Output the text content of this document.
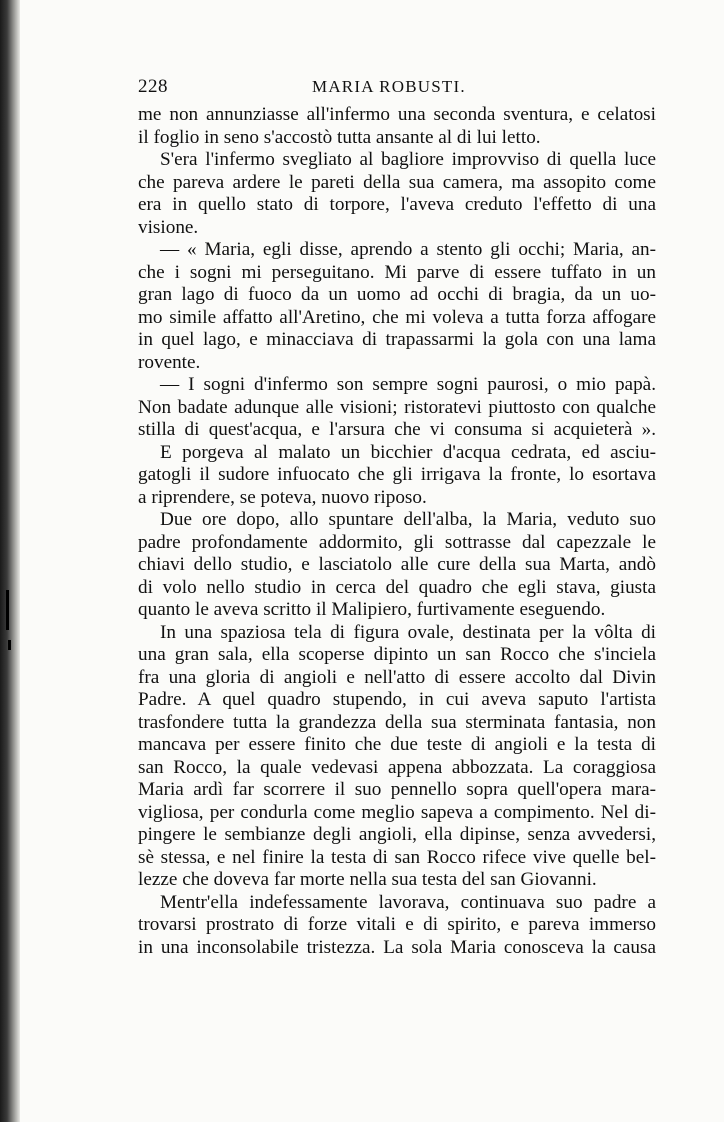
228	MARIA ROBUSTI.
me non annunziasse all'infermo una seconda sventura, e celatosi
il foglio in seno s'accostò tutta ansante al di lui letto.
S'era l'infermo svegliato al bagliore improvviso di quella luce
che pareva ardere le pareti della sua camera, ma assopito come
era in quello stato di torpore, l'aveva creduto l'effetto di una
visione.
— « Maria, egli disse, aprendo a stento gli occhi; Maria, an-
che i sogni mi perseguitano. Mi parve di essere tuffato in un
gran lago di fuoco da un uomo ad occhi di bragia, da un uo-
mo simile affatto all'Aretino, che mi voleva a tutta forza affogare
in quel lago, e minacciava di trapassarmi la gola con una lama
rovente.
— I sogni d'infermo son sempre sogni paurosi, o mio papà.
Non badate adunque alle visioni; ristoratevi piuttosto con qualche
stilla di quest'acqua, e l'arsura che vi consuma si acquieterà ».
E porgeva al malato un bicchier d'acqua cedrata, ed asciu-
gatogli il sudore infuocato che gli irrigava la fronte, lo esortava
a riprendere, se poteva, nuovo riposo.
Due ore dopo, allo spuntare dell'alba, la Maria, veduto suo
padre profondamente addormito, gli sottrasse dal capezzale le
chiavi dello studio, e lasciatolo alle cure della sua Marta, andò
di volo nello studio in cerca del quadro che egli stava, giusta
quanto le aveva scritto il Malipiero, furtivamente eseguendo.
In una spaziosa tela di figura ovale, destinata per la vôlta di
una gran sala, ella scoperse dipinto un san Rocco che s'inciela
fra una gloria di angioli e nell'atto di essere accolto dal Divin
Padre. A quel quadro stupendo, in cui aveva saputo l'artista
trasfondere tutta la grandezza della sua sterminata fantasia, non
mancava per essere finito che due teste di angioli e la testa di
san Rocco, la quale vedevasi appena abbozzata. La coraggiosa
Maria ardì far scorrere il suo pennello sopra quell'opera mara-
vigliosa, per condurla come meglio sapeva a compimento. Nel di-
pingere le sembianze degli angioli, ella dipinse, senza avvedersi,
sè stessa, e nel finire la testa di san Rocco rifece vive quelle bel-
lezze che doveva far morte nella sua testa del san Giovanni.
Mentr'ella indefessamente lavorava, continuava suo padre a
trovarsi prostrato di forze vitali e di spirito, e pareva immerso
in una inconsolabile tristezza. La sola Maria conosceva la causa
